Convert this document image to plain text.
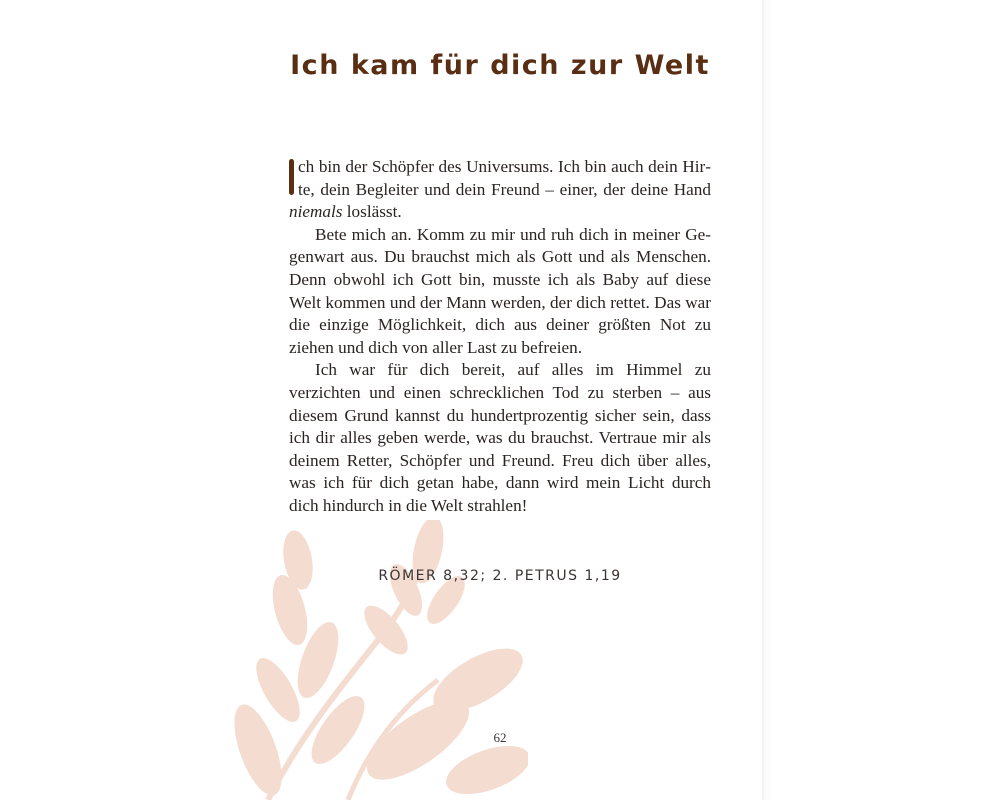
Ich kam für dich zur Welt

ch bin der Schöpfer des Universums. Ich bin auch dein Hirte, dein Begleiter und dein Freund – einer, der deine Hand niemals loslässt.

Bete mich an. Komm zu mir und ruh dich in meiner Gegenwart aus. Du brauchst mich als Gott und als Menschen. Denn obwohl ich Gott bin, musste ich als Baby auf diese Welt kommen und der Mann werden, der dich rettet. Das war die einzige Möglichkeit, dich aus deiner größten Not zu ziehen und dich von aller Last zu befreien.

Ich war für dich bereit, auf alles im Himmel zu verzichten und einen schrecklichen Tod zu sterben – aus diesem Grund kannst du hundertprozentig sicher sein, dass ich dir alles geben werde, was du brauchst. Vertraue mir als deinem Retter, Schöpfer und Freund. Freu dich über alles, was ich für dich getan habe, dann wird mein Licht durch dich hindurch in die Welt strahlen!

RÖMER 8,32; 2. PETRUS 1,19

62
